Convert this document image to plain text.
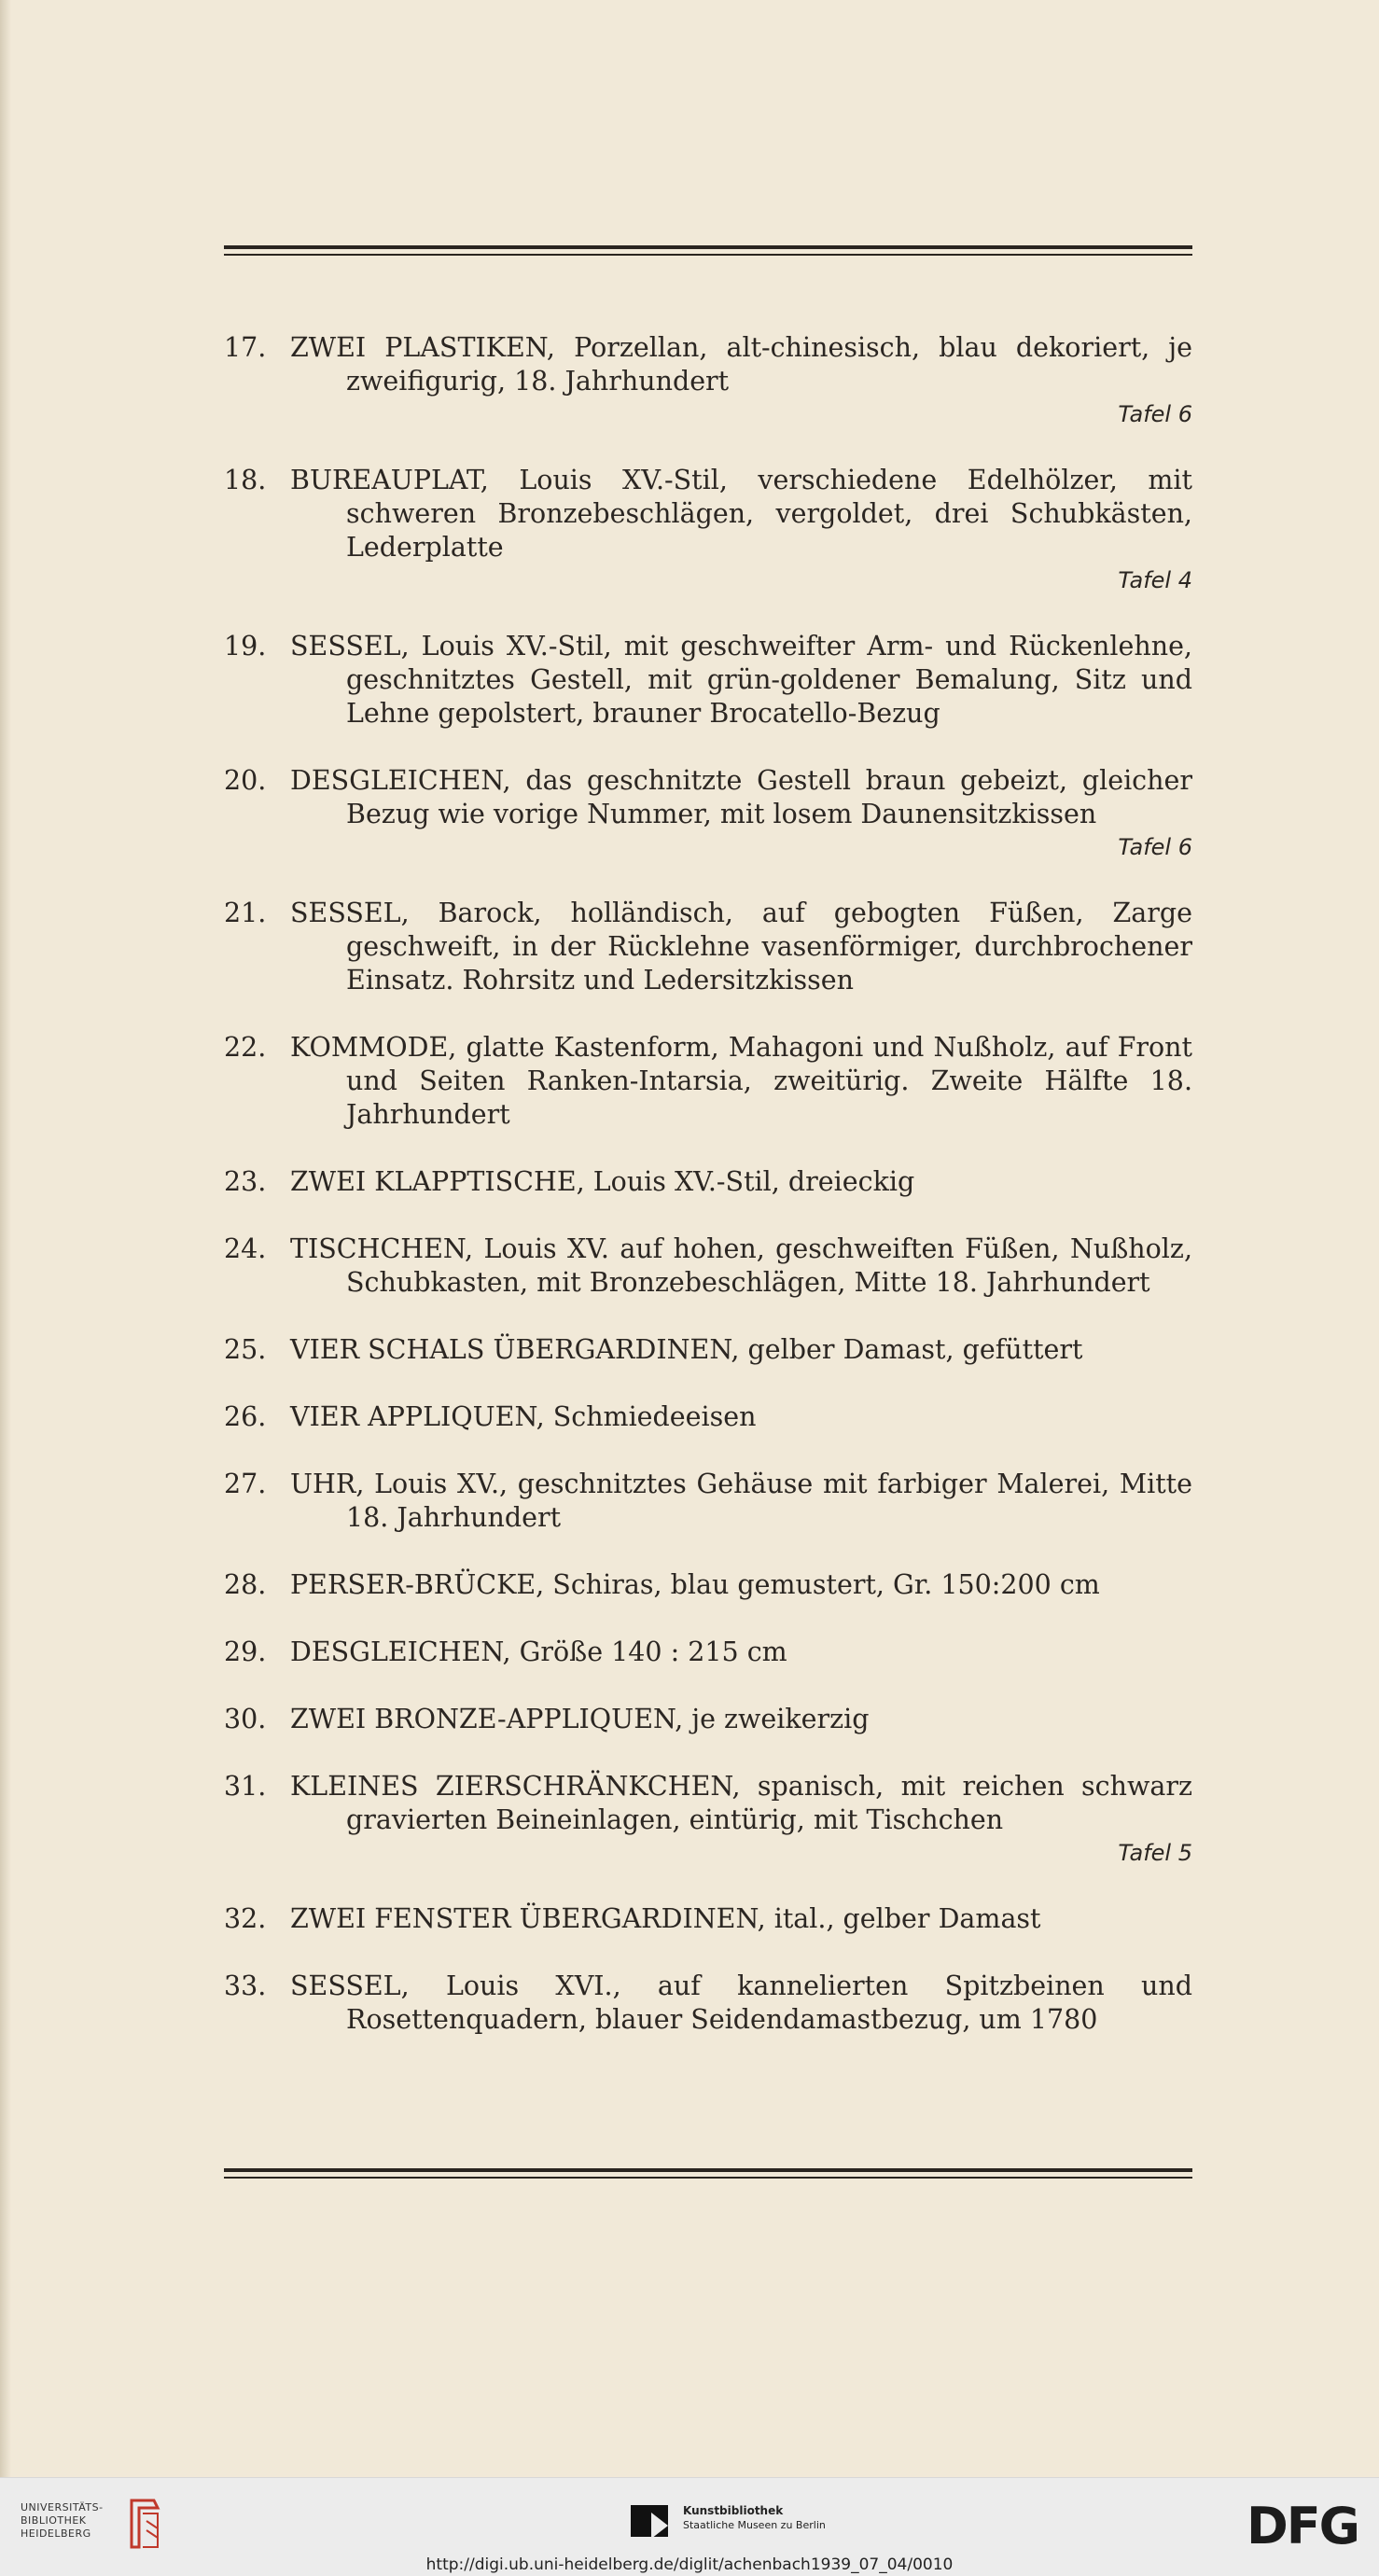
17. ZWEI PLASTIKEN, Porzellan, alt-chinesisch, blau dekoriert, je zweifigurig, 18. Jahrhundert
Tafel 6
18. BUREAUPLAT, Louis XV.-Stil, verschiedene Edelhölzer, mit schweren Bronzebeschlägen, vergoldet, drei Schubkästen, Lederplatte
Tafel 4
19. SESSEL, Louis XV.-Stil, mit geschweifter Arm- und Rückenlehne, geschnitztes Gestell, mit grün-goldener Bemalung, Sitz und Lehne gepolstert, brauner Brocatello-Bezug
20. DESGLEICHEN, das geschnitzte Gestell braun gebeizt, gleicher Bezug wie vorige Nummer, mit losem Daunensitzkissen
Tafel 6
21. SESSEL, Barock, holländisch, auf gebogten Füßen, Zarge geschweift, in der Rücklehne vasenförmiger, durchbrochener Einsatz. Rohrsitz und Ledersitzkissen
22. KOMMODE, glatte Kastenform, Mahagoni und Nußholz, auf Front und Seiten Ranken-Intarsia, zweitürig. Zweite Hälfte 18. Jahrhundert
23. ZWEI KLAPPTISCHE, Louis XV.-Stil, dreieckig
24. TISCHCHEN, Louis XV. auf hohen, geschweiften Füßen, Nußholz, Schubkasten, mit Bronzebeschlägen, Mitte 18. Jahrhundert
25. VIER SCHALS ÜBERGARDINEN, gelber Damast, gefüttert
26. VIER APPLIQUEN, Schmiedeeisen
27. UHR, Louis XV., geschnitztes Gehäuse mit farbiger Malerei, Mitte 18. Jahrhundert
28. PERSER-BRÜCKE, Schiras, blau gemustert, Gr. 150:200 cm
29. DESGLEICHEN, Größe 140 : 215 cm
30. ZWEI BRONZE-APPLIQUEN, je zweikerzig
31. KLEINES ZIERSCHRÄNKCHEN, spanisch, mit reichen schwarz gravierten Beineinlagen, eintürig, mit Tischchen
Tafel 5
32. ZWEI FENSTER ÜBERGARDINEN, ital., gelber Damast
33. SESSEL, Louis XVI., auf kannelierten Spitzbeinen und Rosettenquadern, blauer Seidendamastbezug, um 1780
UNIVERSITÄTS-
BIBLIOTHEK
HEIDELBERG
Kunstbibliothek
Staatliche Museen zu Berlin	DFG
http://digi.ub.uni-heidelberg.de/diglit/achenbach1939_07_04/0010
